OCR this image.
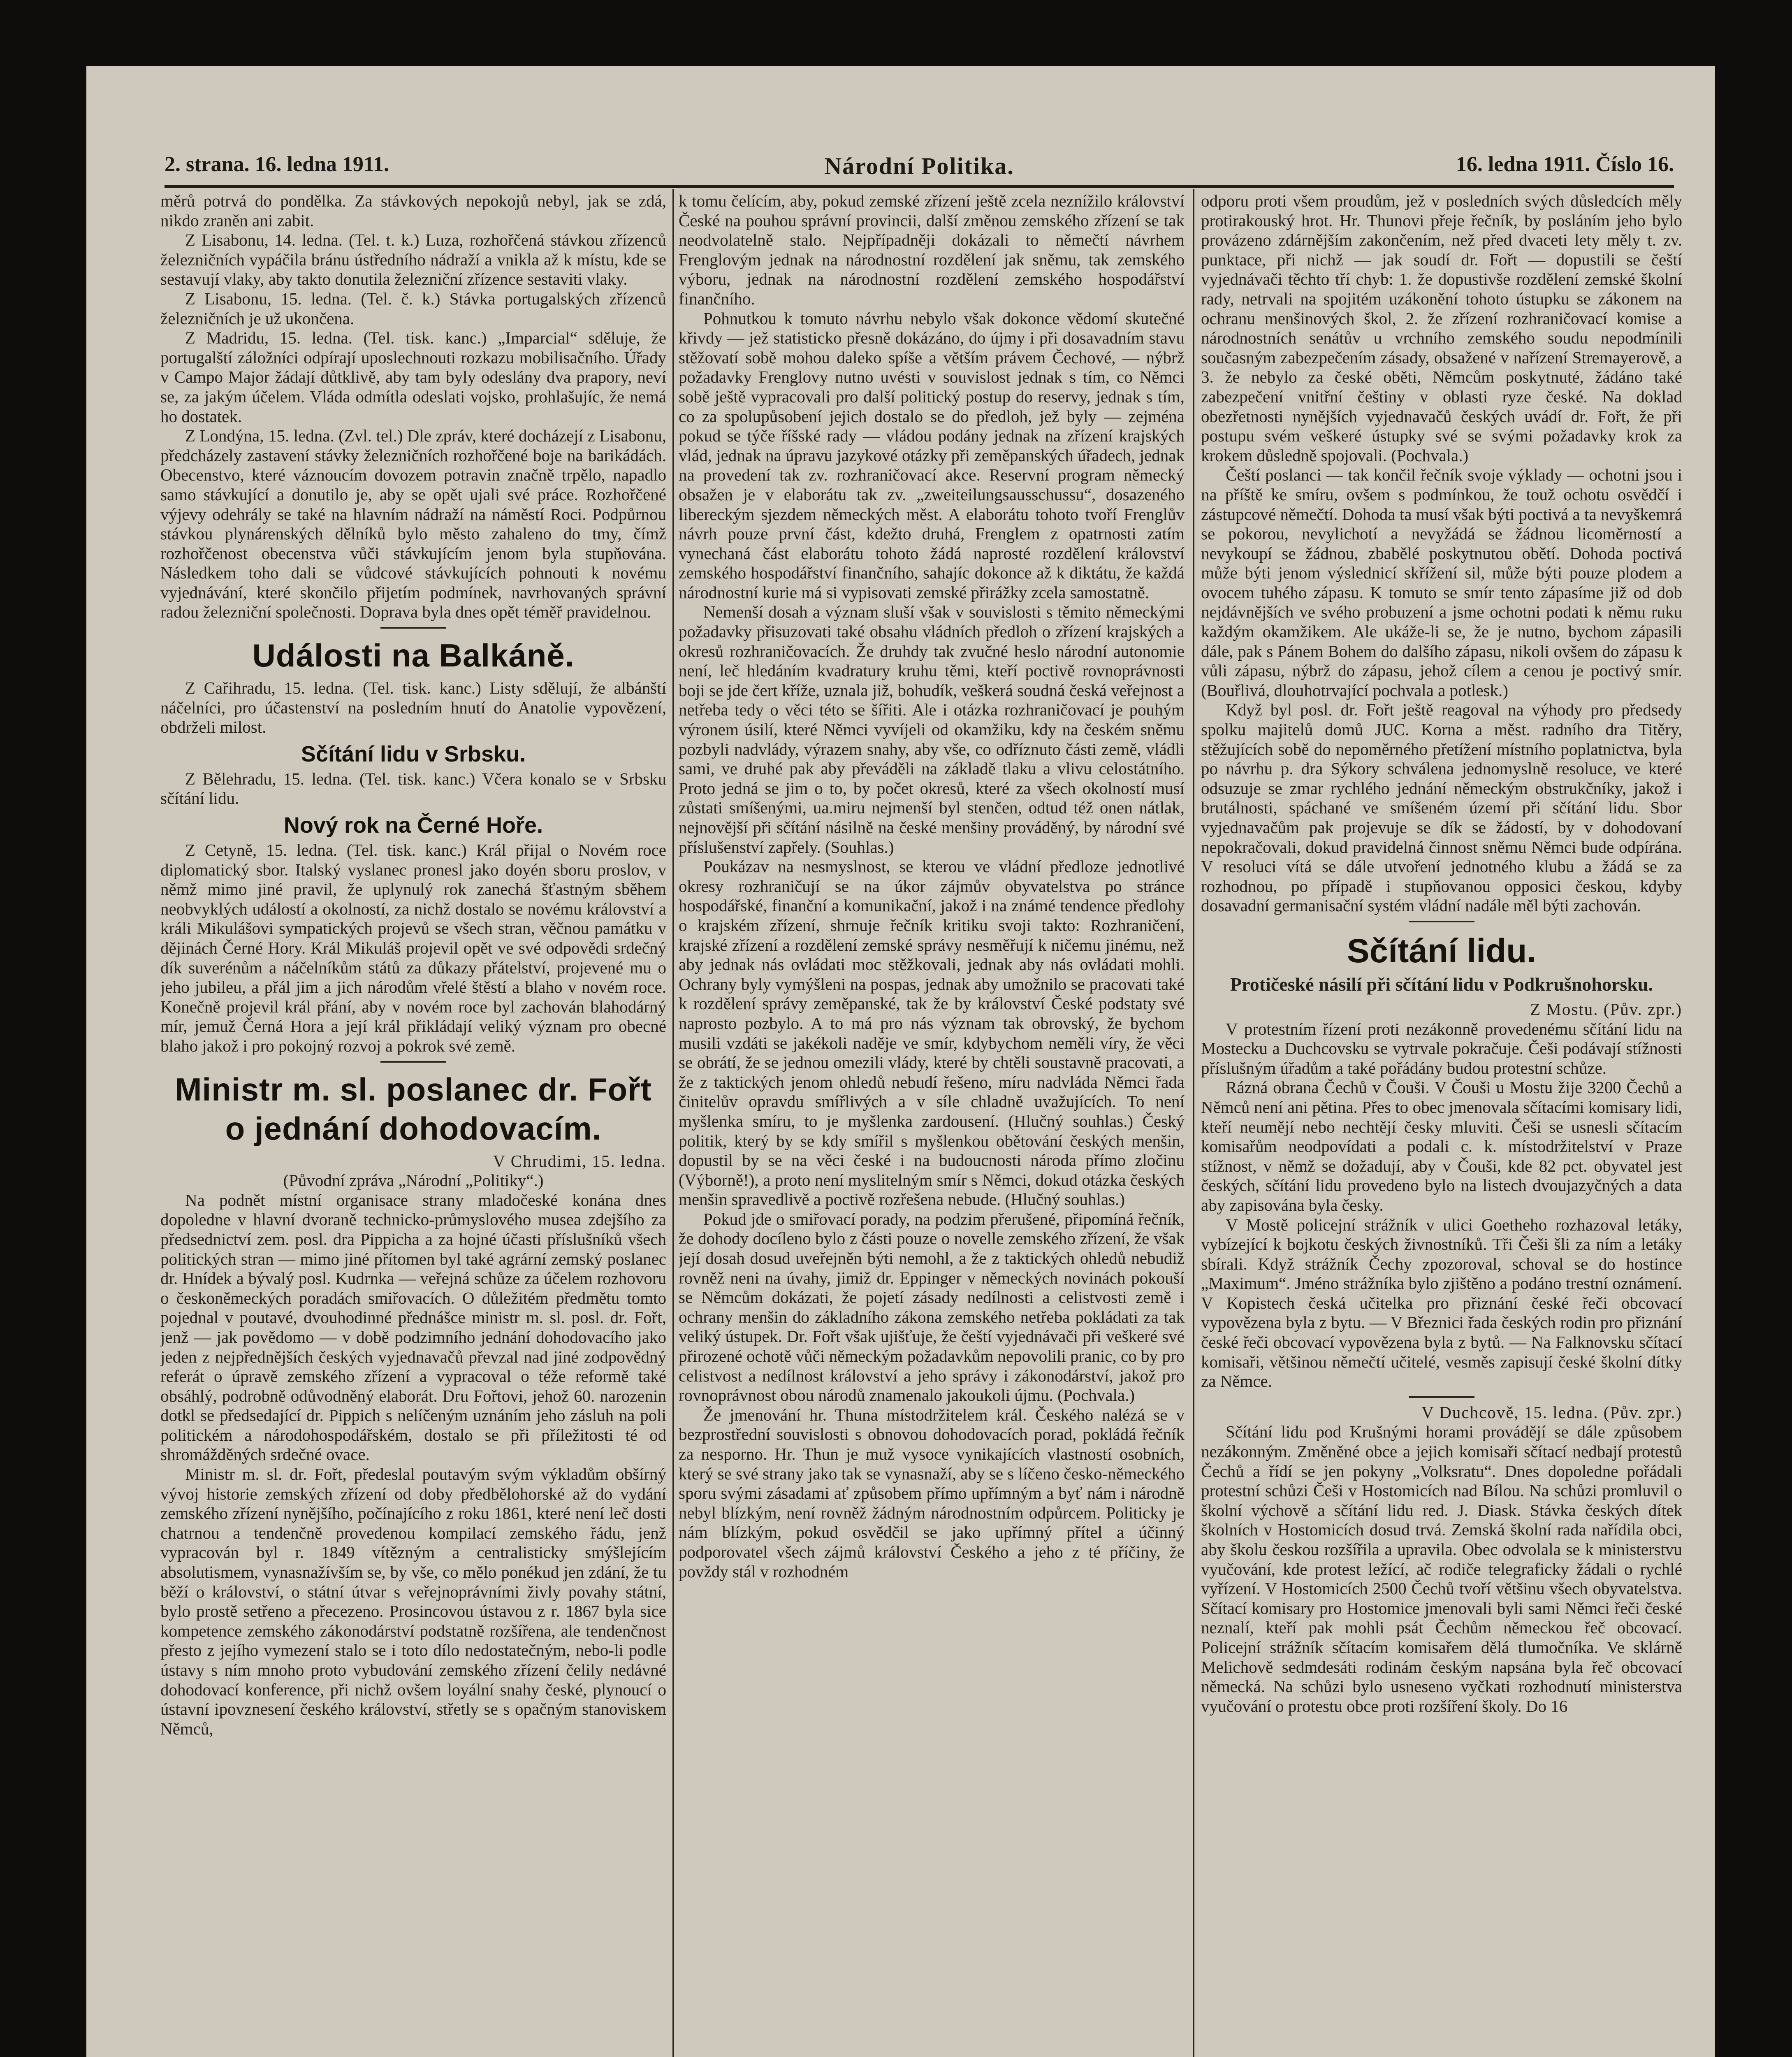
2. strana. 16. ledna 1911.	Národní Politika.	16. ledna 1911. Číslo 16.

měrů potrvá do pondělka. Za stávkových nepokojů nebyl, jak se zdá, nikdo zraněn ani zabit.

Z Lisabonu, 14. ledna. (Tel. t. k.) Luza, rozhořčená stávkou zřízenců železničních vypáčila bránu ústředního nádraží a vnikla až k místu, kde se sestavují vlaky, aby takto donutila železniční zřízence sestaviti vlaky.

Z Lisabonu, 15. ledna. (Tel. č. k.) Stávka portugalských zřízenců železničních je už ukončena.

Z Madridu, 15. ledna. (Tel. tisk. kanc.) „Imparcial“ sděluje, že portugalští záložníci odpírají uposlechnouti rozkazu mobilisačního. Úřady v Campo Major žádají důtklivě, aby tam byly odeslány dva prapory, neví se, za jakým účelem. Vláda odmítla odeslati vojsko, prohlašujíc, že nemá ho dostatek.

Z Londýna, 15. ledna. (Zvl. tel.) Dle zpráv, které docházejí z Lisabonu, předcházely zastavení stávky železničních rozhořčené boje na barikádách. Obecenstvo, které váznoucím dovozem potravin značně trpělo, napadlo samo stávkující a donutilo je, aby se opět ujali své práce. Rozhořčené výjevy odehrály se také na hlavním nádraží na náměstí Roci. Podpůrnou stávkou plynárenských dělníků bylo město zahaleno do tmy, čímž rozhořčenost obecenstva vůči stávkujícím jenom byla stupňována. Následkem toho dali se vůdcové stávkujících pohnouti k novému vyjednávání, které skončilo přijetím podmínek, navrhovaných správní radou železniční společnosti. Doprava byla dnes opět téměř pravidelnou.

Události na Balkáně.

Z Cařihradu, 15. ledna. (Tel. tisk. kanc.) Listy sdělují, že albánští náčelníci, pro účastenství na posledním hnutí do Anatolie vypovězení, obdrželi milost.

Sčítání lidu v Srbsku.

Z Bělehradu, 15. ledna. (Tel. tisk. kanc.) Včera konalo se v Srbsku sčítání lidu.

Nový rok na Černé Hoře.

Z Cetyně, 15. ledna. (Tel. tisk. kanc.) Král přijal o Novém roce diplomatický sbor. Italský vyslanec pronesl jako doyén sboru proslov, v němž mimo jiné pravil, že uplynulý rok zanechá šťastným sběhem neobvyklých událostí a okolností, za nichž dostalo se novému království a králi Mikulášovi sympatických projevů se všech stran, věčnou památku v dějinách Černé Hory. Král Mikuláš projevil opět ve své odpovědi srdečný dík suverénům a náčelníkům států za důkazy přátelství, projevené mu o jeho jubileu, a přál jim a jich národům vřelé štěstí a blaho v novém roce. Konečně projevil král přání, aby v novém roce byl zachován blahodárný mír, jemuž Černá Hora a její král přikládají veliký význam pro obecné blaho jakož i pro pokojný rozvoj a pokrok své země.

Ministr m. sl. poslanec dr. Fořt o jednání dohodovacím.

V Chrudimi, 15. ledna.

(Původní zpráva „Národní „Politiky“.)

Na podnět místní organisace strany mladočeské konána dnes dopoledne v hlavní dvoraně technicko-průmyslového musea zdejšího za předsednictví zem. posl. dra Pippicha a za hojné účasti příslušníků všech politických stran — mimo jiné přítomen byl také agrární zemský poslanec dr. Hnídek a bývalý posl. Kudrnka — veřejná schůze za účelem rozhovoru o českoněmeckých poradách smiřovacích. O důležitém předmětu tomto pojednal v poutavé, dvouhodinné přednášce ministr m. sl. posl. dr. Fořt, jenž — jak povědomo — v době podzimního jednání dohodovacího jako jeden z nejpřednějších českých vyjednavačů převzal nad jiné zodpovědný referát o úpravě zemského zřízení a vypracoval o téže reformě také obsáhlý, podrobně odůvodněný elaborát. Dru Fořtovi, jehož 60. narozenin dotkl se předsedající dr. Pippich s nelíčeným uznáním jeho zásluh na poli politickém a národohospodářském, dostalo se při příležitosti té od shromážděných srdečné ovace.

Ministr m. sl. dr. Fořt, předeslal poutavým svým výkladům obšírný vývoj historie zemských zřízení od doby předbělohorské až do vydání zemského zřízení nynějšího, počínajícího z roku 1861, které není leč dosti chatrnou a tendenčně provedenou kompilací zemského řádu, jenž vypracován byl r. 1849 vítězným a centralisticky smýšlejícím absolutismem, vynasnažívším se, by vše, co mělo ponékud jen zdání, že tu běží o království, o státní útvar s veřejnoprávními živly povahy státní, bylo prostě setřeno a přecezeno. Prosincovou ústavou z r. 1867 byla sice kompetence zemského zákonodárství podstatně rozšířena, ale tendenčnost přesto z jejího vymezení stalo se i toto dílo nedostatečným, nebo-li podle ústavy s ním mnoho proto vybudování zemského zřízení čelily nedávné dohodovací konference, při nichž ovšem loyální snahy české, plynoucí o ústavní ipovznesení českého království, střetly se s opačným stanoviskem Němců,

k tomu čelícím, aby, pokud zemské zřízení ještě zcela neznížilo království České na pouhou správní provincii, další změnou zemského zřízení se tak neodvolatelně stalo. Nejpřípadněji dokázali to němečtí návrhem Frenglovým jednak na národnostní rozdělení jak sněmu, tak zemského výboru, jednak na národnostní rozdělení zemského hospodářství finančního.

Pohnutkou k tomuto návrhu nebylo však dokonce vědomí skutečné křivdy — jež statisticko přesně dokázáno, do újmy i při dosavadním stavu stěžovatí sobě mohou daleko spíše a větším právem Čechové, — nýbrž požadavky Frenglovy nutno uvésti v souvislost jednak s tím, co Němci sobě ještě vypracovali pro další politický postup do reservy, jednak s tím, co za spolupůsobení jejich dostalo se do předloh, jež byly — zejména pokud se týče říšské rady — vládou podány jednak na zřízení krajských vlád, jednak na úpravu jazykové otázky při zeměpanských úřadech, jednak na provedení tak zv. rozhraničovací akce. Reservní program německý obsažen je v elaborátu tak zv. „zweiteilungsausschussu“, dosazeného libereckým sjezdem německých měst. A elaborátu tohoto tvoří Frenglův návrh pouze první část, kdežto druhá, Frenglem z opatrnosti zatím vynechaná část elaborátu tohoto žádá naprosté rozdělení království zemského hospodářství finančního, sahajíc dokonce až k diktátu, že každá národnostní kurie má si vypisovati zemské přirážky zcela samostatně.

Nemenší dosah a význam sluší však v souvislosti s těmito německými požadavky přisuzovati také obsahu vládních předloh o zřízení krajských a okresů rozhraničovacích. Že druhdy tak zvučné heslo národní autonomie není, leč hledáním kvadratury kruhu těmi, kteří poctivě rovnoprávnosti boji se jde čert kříže, uznala již, bohudík, veškerá soudná česká veřejnost a netřeba tedy o věci této se šířiti. Ale i otázka rozhraničovací je pouhým výronem úsilí, které Němci vyvíjeli od okamžiku, kdy na českém sněmu pozbyli nadvlády, výrazem snahy, aby vše, co odříznuto části země, vládli sami, ve druhé pak aby převáděli na základě tlaku a vlivu celostátního. Proto jedná se jim o to, by počet okresů, které za všech okolností musí zůstati smíšenými, ua.miru nejmenší byl stenčen, odtud též onen nátlak, nejnovější při sčítání násilně na české menšiny prováděný, by národní své příslušenství zapřely. (Souhlas.)

Poukázav na nesmyslnost, se kterou ve vládní předloze jednotlivé okresy rozhraničují se na úkor zájmův obyvatelstva po stránce hospodářské, finanční a komunikační, jakož i na známé tendence předlohy o krajském zřízení, shrnuje řečník kritiku svoji takto: Rozhraničení, krajské zřízení a rozdělení zemské správy nesměřují k ničemu jinému, než aby jednak nás ovládati moc stěžkovali, jednak aby nás ovládati mohli. Ochrany byly vymýšleni na pospas, jednak aby umožnilo se pracovati také k rozdělení správy zeměpanské, tak že by království České podstaty své naprosto pozbylo. A to má pro nás význam tak obrovský, že bychom musili vzdáti se jakékoli naděje ve smír, kdybychom neměli víry, že věci se obrátí, že se jednou omezili vlády, které by chtěli soustavně pracovati, a že z taktických jenom ohledů nebudí řešeno, míru nadvláda Němci řada činitelův opravdu smířlivých a v síle chladně uvažujících. To není myšlenka smíru, to je myšlenka zardousení. (Hlučný souhlas.) Český politik, který by se kdy smířil s myšlenkou obětování českých menšin, dopustil by se na věci české i na budoucnosti národa přímo zločinu (Výborně!), a proto není myslitelným smír s Němci, dokud otázka českých menšin spravedlivě a poctivě rozřešena nebude. (Hlučný souhlas.)

Pokud jde o smiřovací porady, na podzim přerušené, připomíná řečník, že dohody docíleno bylo z části pouze o novelle zemského zřízení, že však její dosah dosud uveřejněn býti nemohl, a že z taktických ohledů nebudiž rovněž neni na úvahy, jimiž dr. Eppinger v německých novinách pokouší se Němcům dokázati, že pojetí zásady nedílnosti a celistvosti země i ochrany menšin do základního zákona zemského netřeba pokládati za tak veliký ústupek. Dr. Fořt však ujišťuje, že čeští vyjednávači při veškeré své přirozené ochotě vůči německým požadavkům nepovolili pranic, co by pro celistvost a nedílnost království a jeho správy i zákonodárství, jakož pro rovnoprávnost obou národů znamenalo jakoukoli újmu. (Pochvala.)

Že jmenování hr. Thuna místodržitelem král. Českého nalézá se v bezprostřední souvislosti s obnovou dohodovacích porad, pokládá řečník za nesporno. Hr. Thun je muž vysoce vynikajících vlastností osobních, který se své strany jako tak se vynasnaží, aby se s líčeno česko-německého sporu svými zásadami ať způsobem přímo upřímným a byť nám i národně nebyl blízkým, není rovněž žádným národnostním odpůrcem. Politicky je nám blízkým, pokud osvědčil se jako upřímný přítel a účinný podporovatel všech zájmů království Českého a jeho z té příčiny, že povždy stál v rozhodném

odporu proti všem proudům, jež v posledních svých důsledcích měly protirakouský hrot. Hr. Thunovi přeje řečník, by posláním jeho bylo provázeno zdárnějším zakončením, než před dvaceti lety měly t. zv. punktace, při nichž — jak soudí dr. Fořt — dopustili se čeští vyjednávači těchto tří chyb: 1. že dopustivše rozdělení zemské školní rady, netrvali na spojitém uzákonění tohoto ústupku se zákonem na ochranu menšinových škol, 2. že zřízení rozhraničovací komise a národnostních senátův u vrchního zemského soudu nepodmínili současným zabezpečením zásady, obsažené v nařízení Stremayerově, a 3. že nebylo za české oběti, Němcům poskytnuté, žádáno také zabezpečení vnitřní češtiny v oblasti ryze české. Na doklad obezřetnosti nynějších vyjednavačů českých uvádí dr. Fořt, že při postupu svém veškeré ústupky své se svými požadavky krok za krokem důsledně spojovali. (Pochvala.)

Čeští poslanci — tak končil řečník svoje výklady — ochotni jsou i na příště ke smíru, ovšem s podmínkou, že touž ochotu osvědčí i zástupcové němečtí. Dohoda ta musí však býti poctivá a ta nevyškemrá se pokorou, nevylichotí a nevyžádá se žádnou licoměrností a nevykoupí se žádnou, zbabělé poskytnutou obětí. Dohoda poctivá může býti jenom výslednicí skřížení sil, může býti pouze plodem a ovocem tuhého zápasu. K tomuto se smír tento zápasíme již od dob nejdávnějších ve svého probuzení a jsme ochotni podati k němu ruku každým okamžikem. Ale ukáže-li se, že je nutno, bychom zápasili dále, pak s Pánem Bohem do dalšího zápasu, nikoli ovšem do zápasu k vůli zápasu, nýbrž do zápasu, jehož cílem a cenou je poctivý smír. (Bouřlivá, dlouhotrvající pochvala a potlesk.)

Když byl posl. dr. Fořt ještě reagoval na výhody pro předsedy spolku majitelů domů JUC. Korna a měst. radního dra Titěry, stěžujících sobě do nepoměrného přetížení místního poplatnictva, byla po návrhu p. dra Sýkory schválena jednomyslně resoluce, ve které odsuzuje se zmar rychlého jednání německým obstrukčníky, jakož i brutálnosti, spáchané ve smíšeném území při sčítání lidu. Sbor vyjednavačům pak projevuje se dík se žádostí, by v dohodovaní nepokračovali, dokud pravidelná činnost sněmu Němci bude odpírána. V resoluci vítá se dále utvoření jednotného klubu a žádá se za rozhodnou, po případě i stupňovanou opposici českou, kdyby dosavadní germanisační systém vládní nadále měl býti zachován.

Sčítání lidu.
Protičeské násilí při sčítání lidu v Podkrušnohorsku.

Z Mostu. (Pův. zpr.)

V protestním řízení proti nezákonně provedenému sčítání lidu na Mostecku a Duchcovsku se vytrvale pokračuje. Češi podávají stížnosti příslušným úřadům a také pořádány budou protestní schůze.

Rázná obrana Čechů v Čouši. V Čouši u Mostu žije 3200 Čechů a Němců není ani pětina. Přes to obec jmenovala sčítacími komisary lidi, kteří neumějí nebo nechtějí česky mluviti. Češi se usnesli sčítacím komisařům neodpovídati a podali c. k. místodržitelství v Praze stížnost, v němž se dožadují, aby v Čouši, kde 82 pct. obyvatel jest českých, sčítání lidu provedeno bylo na listech dvoujazyčných a data aby zapisována byla česky.

V Mostě policejní strážník v ulici Goetheho rozhazoval letáky, vybízející k bojkotu českých živnostníků. Tři Češi šli za ním a letáky sbírali. Když strážník Čechy zpozoroval, schoval se do hostince „Maximum“. Jméno strážníka bylo zjištěno a podáno trestní oznámení. V Kopistech česká učitelka pro přiznání české řeči obcovací vypovězena byla z bytu. — V Březnici řada českých rodin pro přiznání české řeči obcovací vypovězena byla z bytů. — Na Falknovsku sčítací komisaři, většinou němečtí učitelé, vesměs zapisují české školní dítky za Němce.

V Duchcově, 15. ledna. (Pův. zpr.)

Sčítání lidu pod Krušnými horami provádějí se dále způsobem nezákonným. Změněné obce a jejich komisaři sčítací nedbají protestů Čechů a řídí se jen pokyny „Volksratu“. Dnes dopoledne pořádali protestní schůzi Češi v Hostomicích nad Bílou. Na schůzi promluvil o školní výchově a sčítání lidu red. J. Diask. Stávka českých dítek školních v Hostomicích dosud trvá. Zemská školní rada nařídila obci, aby školu českou rozšířila a upravila. Obec odvolala se k ministerstvu vyučování, kde protest ležící, ač rodiče telegraficky žádali o rychlé vyřízení. V Hostomicích 2500 Čechů tvoří většinu všech obyvatelstva. Sčítací komisary pro Hostomice jmenovali byli sami Němci řeči české neznalí, kteří pak mohli psát Čechům německou řeč obcovací. Policejní strážník sčítacím komisařem dělá tlumočníka. Ve sklárně Melichově sedmdesáti rodinám českým napsána byla řeč obcovací německá. Na schůzi bylo usneseno vyčkati rozhodnutí ministerstva vyučování o protestu obce proti rozšíření školy. Do 16
